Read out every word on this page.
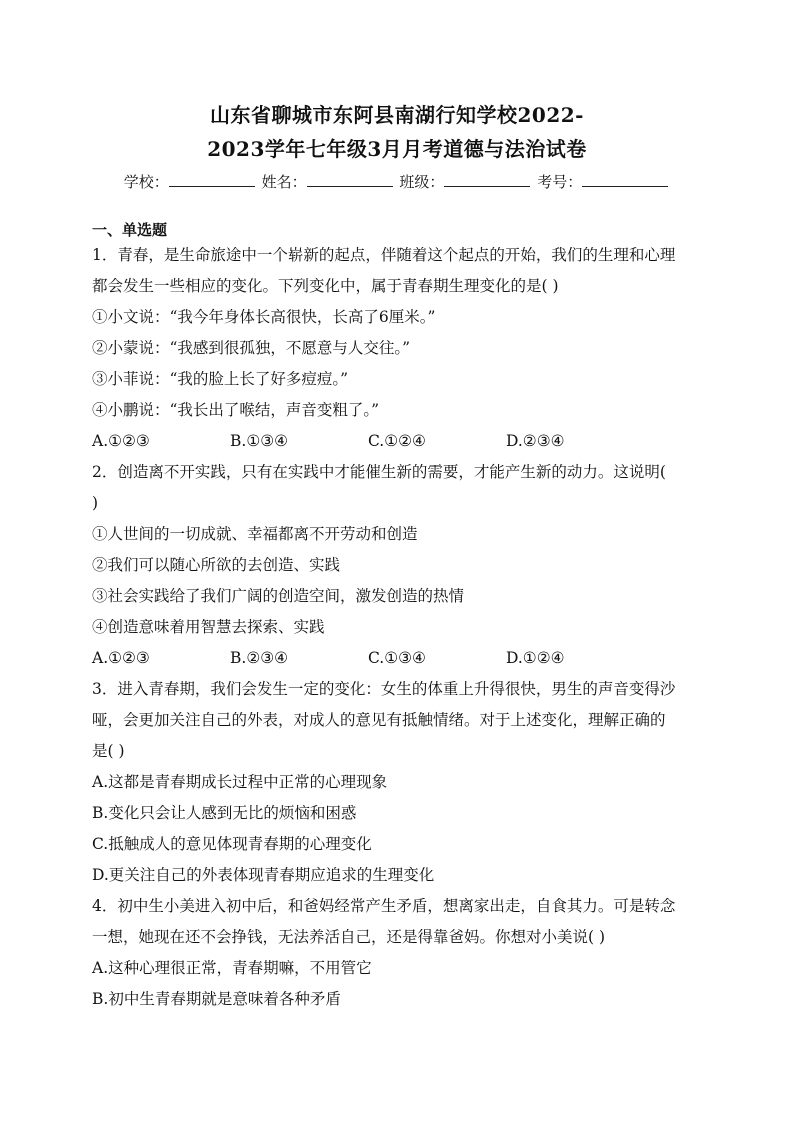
山东省聊城市东阿县南湖行知学校2022-
2023学年七年级3月月考道德与法治试卷
学校：	姓名：	班级：	考号：
一、单选题
1．青春，是生命旅途中一个崭新的起点，伴随着这个起点的开始，我们的生理和心理
都会发生一些相应的变化。下列变化中，属于青春期生理变化的是( )
①小文说：“我今年身体长高很快，长高了6厘米。”
②小蒙说：“我感到很孤独，不愿意与人交往。”
③小菲说：“我的脸上长了好多痘痘。”
④小鹏说：“我长出了喉结，声音变粗了。”
A.①②③	B.①③④	C.①②④	D.②③④
2．创造离不开实践，只有在实践中才能催生新的需要，才能产生新的动力。这说明(
)
①人世间的一切成就、幸福都离不开劳动和创造
②我们可以随心所欲的去创造、实践
③社会实践给了我们广阔的创造空间，激发创造的热情
④创造意味着用智慧去探索、实践
A.①②③	B.②③④	C.①③④	D.①②④
3．进入青春期，我们会发生一定的变化：女生的体重上升得很快，男生的声音变得沙
哑，会更加关注自己的外表，对成人的意见有抵触情绪。对于上述变化，理解正确的
是( )
A.这都是青春期成长过程中正常的心理现象
B.变化只会让人感到无比的烦恼和困惑
C.抵触成人的意见体现青春期的心理变化
D.更关注自己的外表体现青春期应追求的生理变化
4．初中生小美进入初中后，和爸妈经常产生矛盾，想离家出走，自食其力。可是转念
一想，她现在还不会挣钱，无法养活自己，还是得靠爸妈。你想对小美说( )
A.这种心理很正常，青春期嘛，不用管它
B.初中生青春期就是意味着各种矛盾
